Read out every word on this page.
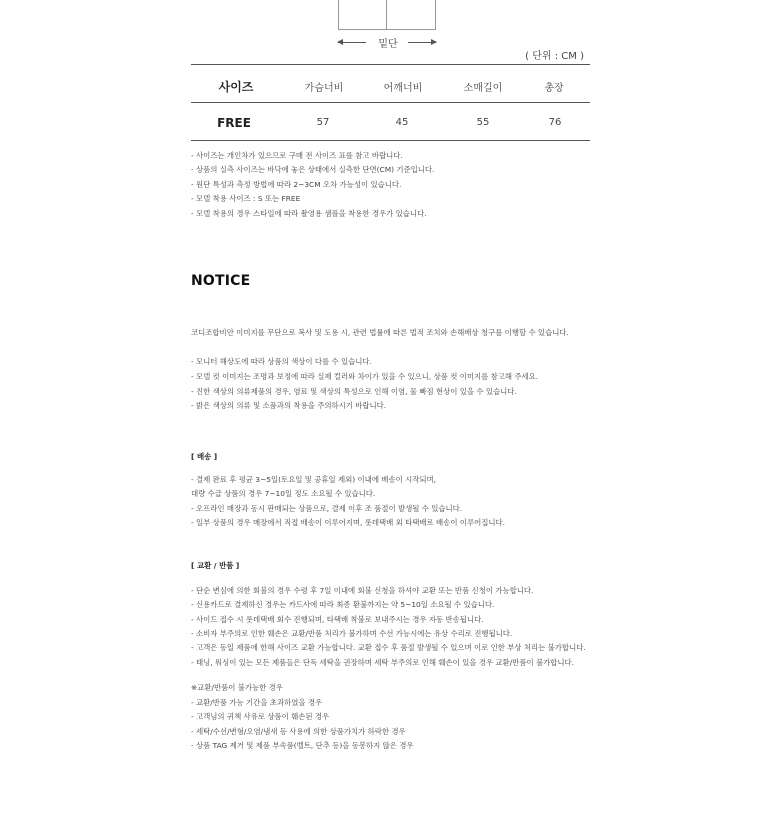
밑단
( 단위 : CM )
사이즈	가슴너비	어깨너비	소매길이	총장
FREE	57	45	55	76
- 사이즈는 개인차가 있으므로 구매 전 사이즈 표를 참고 바랍니다.
- 상품의 실측 사이즈는 바닥에 놓은 상태에서 실측한 단면(CM) 기준입니다.
- 원단 특성과 측정 방법에 따라 2~3CM 오차 가능성이 있습니다.
- 모델 착용 사이즈 : S 또는 FREE
- 모델 착용의 경우 스타일에 따라 촬영용 샘플을 착용한 경우가 있습니다.
NOTICE
코디조합비안 이미지를 무단으로 복사 및 도용 시, 관련 법률에 따른 법적 조치와 손해배상 청구를 이행할 수 있습니다.
- 모니터 해상도에 따라 상품의 색상이 다를 수 있습니다.
- 모델 컷 이미지는 조명과 보정에 따라 실제 컬러와 차이가 있을 수 있으니, 상품 컷 이미지를 참고해 주세요.
- 진한 색상의 의류제품의 경우, 염료 및 색상의 특성으로 인해 이염, 물 빠짐 현상이 있을 수 있습니다.
- 밝은 색상의 의류 및 소품과의 착용을 주의하시기 바랍니다.
[ 배송 ]
- 결제 완료 후 평균 3~5일(토요일 및 공휴일 제외) 이내에 배송이 시작되며,
대량 수급 상품의 경우 7~10일 정도 소요될 수 있습니다.
- 오프라인 매장과 동시 판매되는 상품으로, 결제 이후 조 품절이 발생될 수 있습니다.
- 일부 상품의 경우 매장에서 직접 배송이 이루어지며, 롯데택배 외 타택배로 배송이 이루어집니다.
[ 교환 / 반품 ]
- 단순 변심에 의한 회불의 경우 수령 후 7일 이내에 회불 신청을 하셔야 교환 또는 반품 신청이 가능합니다.
- 신용카드로 결제하신 경우는 카드사에 따라 최종 환불까지는 약 5~10일 소요될 수 있습니다.
- 사이드 접수 시 롯데택배 회수 진행되며, 타택배 착불로 보내주시는 경우 자동 반송됩니다.
- 소비자 부주의로 인한 훼손은 교환/반품 처리가 불가하며 수선 가능시에는 유상 수리로 진행됩니다.
- 고객은 동일 제품에 한해 사이즈 교환 가능합니다. 교환 접수 후 품절 발생될 수 있으며 이로 인한 부상 처리는 불가합니다.
- 태닝, 워싱이 있는 모든 제품들은 단독 세탁을 권장하며 세탁 부주의로 인해 훼손이 있을 경우 교환/반품이 불가합니다.
※교환/반품이 불가능한 경우
- 교환/반품 가능 기간을 초과하였을 경우
- 고객님의 귀책 사유로 상품이 훼손된 경우
- 세탁/수선/변형/오염/냄새 등 사용에 의한 상품가치가 하락한 경우
- 상품 TAG 제거 및 제품 부속품(벨트, 단추 등)을 동봉하지 않은 경우
